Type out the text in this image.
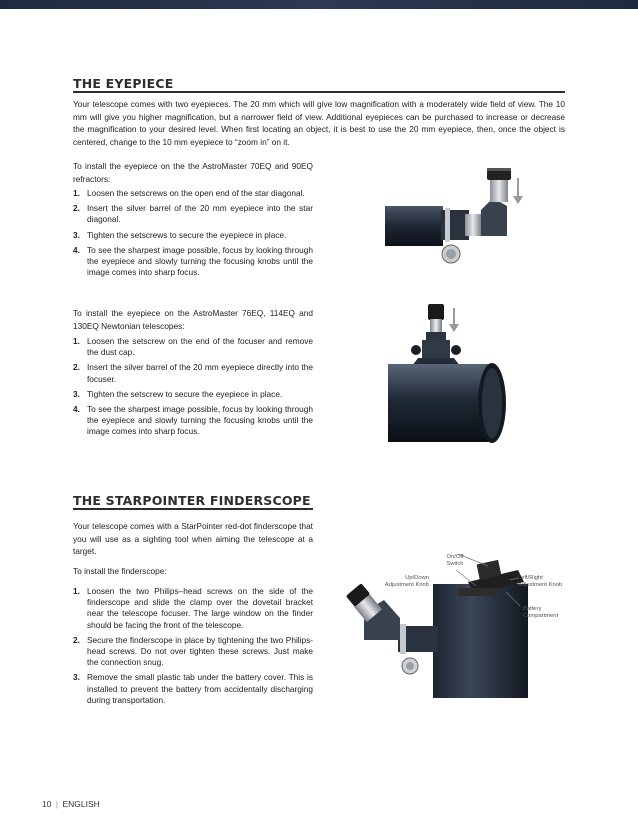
THE EYEPIECE

Your telescope comes with two eyepieces. The 20 mm which will give low magnification with a moderately wide field of view. The 10 mm will give you higher magnification, but a narrower field of view. Additional eyepieces can be purchased to increase or decrease the magnification to your desired level. When first locating an object, it is best to use the 20 mm eyepiece, then, once the object is centered, change to the 10 mm eyepiece to “zoom in” on it.

To install the eyepiece on the the AstroMaster 70EQ and 90EQ refractors:

1. Loosen the setscrews on the open end of the star diagonal.
2. Insert the silver barrel of the 20 mm eyepiece into the star diagonal.
3. Tighten the setscrews to secure the eyepiece in place.
4. To see the sharpest image possible, focus by looking through the eyepiece and slowly turning the focusing knobs until the image comes into sharp focus.

To install the eyepiece on the AstroMaster 76EQ, 114EQ and 130EQ Newtonian telescopes:

1. Loosen the setscrew on the end of the focuser and remove the dust cap.
2. Insert the silver barrel of the 20 mm eyepiece directly into the focuser.
3. Tighten the setscrew to secure the eyepiece in place.
4. To see the sharpest image possible, focus by looking through the eyepiece and slowly turning the focusing knobs until the image comes into sharp focus.
THE STARPOINTER FINDERSCOPE

Your telescope comes with a StarPointer red-dot finderscope that you will use as a sighting tool when aiming the telescope at a target.

To install the finderscope:

1. Loosen the two Philips–head screws on the side of the finderscope and slide the clamp over the dovetail bracket near the telescope focuser. The large window on the finder should be facing the front of the telescope.
2. Secure the finderscope in place by tightening the two Philips-head screws. Do not over tighten these screws. Just make the connection snug.
3. Remove the small plastic tab under the battery cover. This is installed to prevent the battery from accidentally discharging during transportation.
On/Off Switch
Up/Down Adjustment Knob
Left/Right Adjustment Knob
Battery Compartment
10 | ENGLISH
